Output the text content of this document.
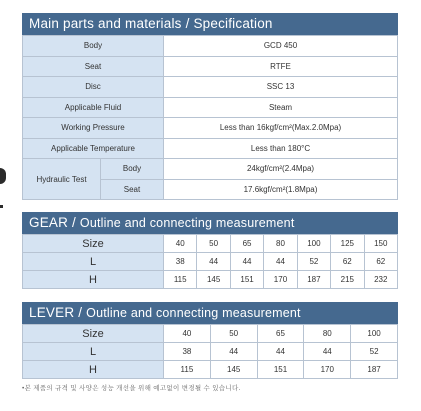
Main parts and materials / Specification
Body		GCD 450
Seat		RTFE
Disc		SSC 13
Applicable Fluid		Steam
Working Pressure		Less than 16kgf/cm²(Max.2.0Mpa)
Applicable Temperature		Less than 180°C
Hydraulic Test	Body	24kgf/cm²(2.4Mpa)
	Seat	17.6kgf/cm²(1.8Mpa)
GEAR / Outline and connecting measurement
Size	40	50	65	80	100	125	150
L	38	44	44	44	52	62	62
H	115	145	151	170	187	215	232
LEVER / Outline and connecting measurement
Size	40	50	65	80	100
L	38	44	44	44	52
H	115	145	151	170	187
•본 제품의 규격 및 사양은 성능 개선을 위해 예고없이 변경될 수 있습니다.
